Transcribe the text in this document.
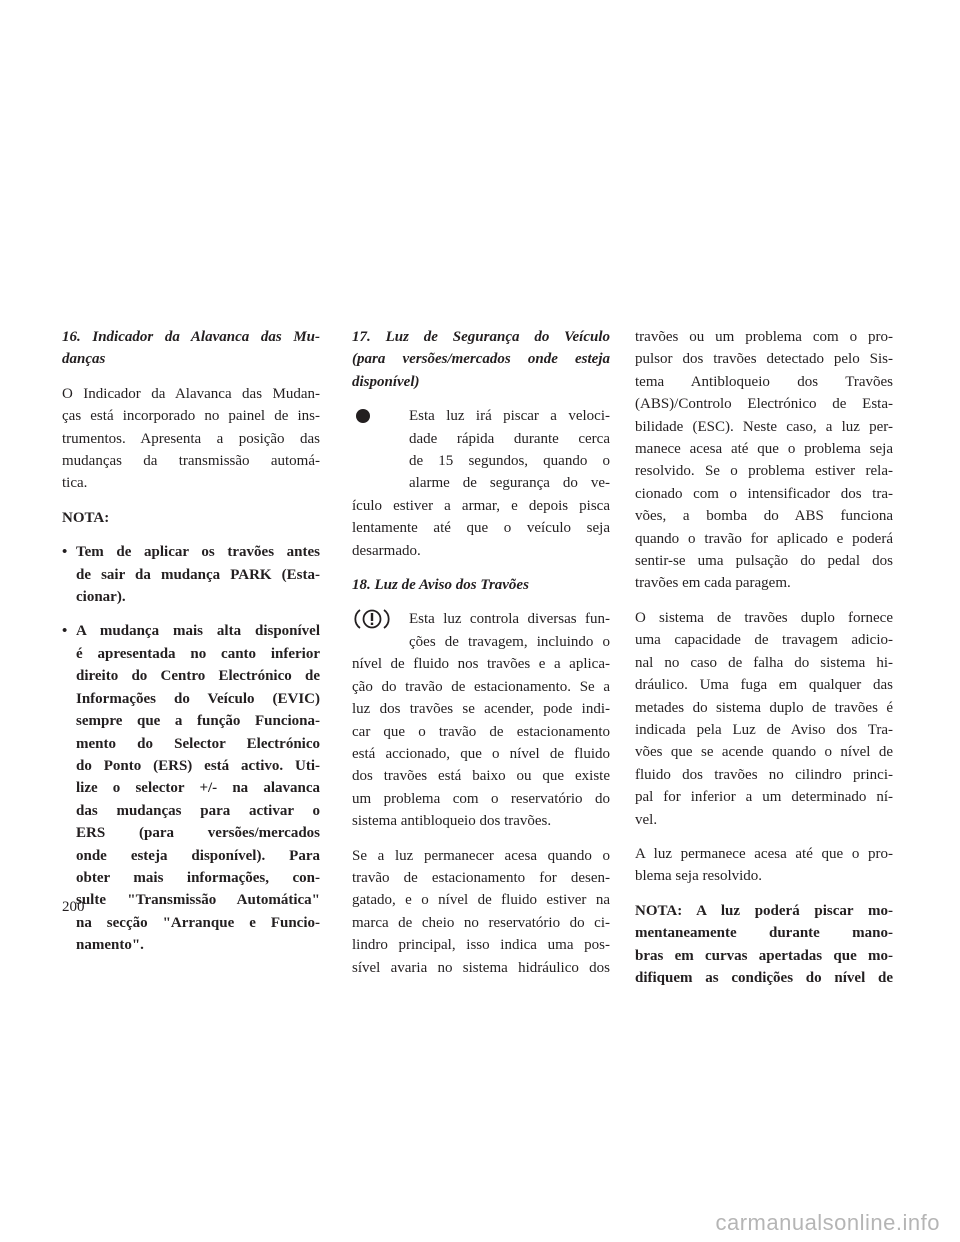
16. Indicador da Alavanca das Mu-
danças
O Indicador da Alavanca das Mudan-
ças está incorporado no painel de ins-
trumentos. Apresenta a posição das
mudanças da transmissão automá-
tica.
NOTA:
• Tem de aplicar os travões antes
de sair da mudança PARK (Esta-
cionar).
• A mudança mais alta disponível
é apresentada no canto inferior
direito do Centro Electrónico de
Informações do Veículo (EVIC)
sempre que a função Funciona-
mento do Selector Electrónico
do Ponto (ERS) está activo. Uti-
lize o selector +/- na alavanca
das mudanças para activar o
ERS (para versões/mercados
onde esteja disponível). Para
obter mais informações, con-
sulte "Transmissão Automática"
na secção "Arranque e Funcio-
namento".
17. Luz de Segurança do Veículo
(para versões/mercados onde esteja
disponível)
Esta luz irá piscar a veloci-
dade rápida durante cerca
de 15 segundos, quando o
alarme de segurança do ve-
ículo estiver a armar, e depois pisca
lentamente até que o veículo seja
desarmado.
18. Luz de Aviso dos Travões
Esta luz controla diversas fun-
ções de travagem, incluindo o
nível de fluido nos travões e a aplica-
ção do travão de estacionamento. Se a
luz dos travões se acender, pode indi-
car que o travão de estacionamento
está accionado, que o nível de fluido
dos travões está baixo ou que existe
um problema com o reservatório do
sistema antibloqueio dos travões.
Se a luz permanecer acesa quando o
travão de estacionamento for desen-
gatado, e o nível de fluido estiver na
marca de cheio no reservatório do ci-
lindro principal, isso indica uma pos-
sível avaria no sistema hidráulico dos
travões ou um problema com o pro-
pulsor dos travões detectado pelo Sis-
tema Antibloqueio dos Travões
(ABS)/Controlo Electrónico de Esta-
bilidade (ESC). Neste caso, a luz per-
manece acesa até que o problema seja
resolvido. Se o problema estiver rela-
cionado com o intensificador dos tra-
vões, a bomba do ABS funciona
quando o travão for aplicado e poderá
sentir-se uma pulsação do pedal dos
travões em cada paragem.
O sistema de travões duplo fornece
uma capacidade de travagem adicio-
nal no caso de falha do sistema hi-
dráulico. Uma fuga em qualquer das
metades do sistema duplo de travões é
indicada pela Luz de Aviso dos Tra-
vões que se acende quando o nível de
fluido dos travões no cilindro princi-
pal for inferior a um determinado ní-
vel.
A luz permanece acesa até que o pro-
blema seja resolvido.
NOTA: A luz poderá piscar mo-
mentaneamente durante mano-
bras em curvas apertadas que mo-
difiquem as condições do nível de
200
carmanualsonline.info
